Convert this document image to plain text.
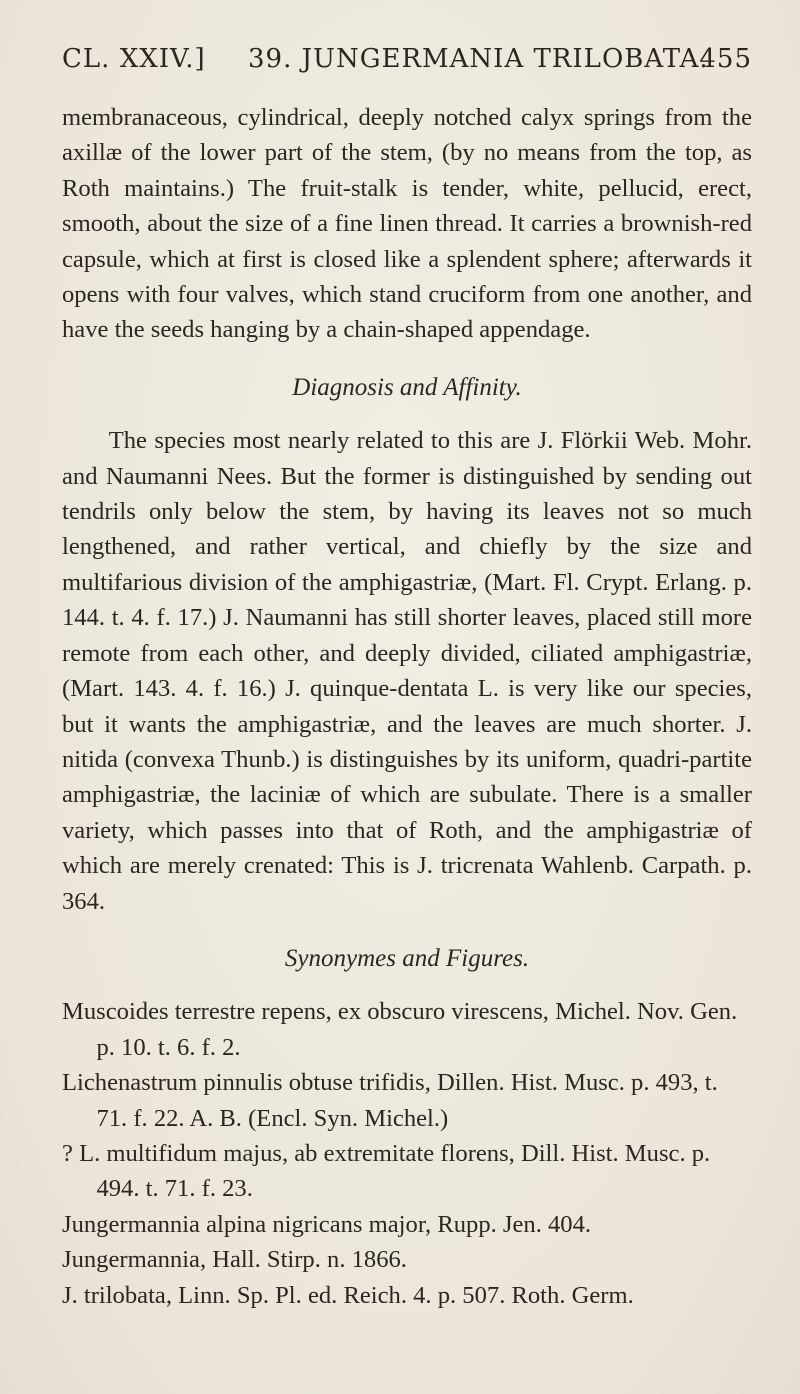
CL. XXIV.] 39. JUNGERMANIA TRILOBATA.
455

membranaceous, cylindrical, deeply notched calyx springs from the axillæ of the lower part of the stem, (by no means from the top, as Roth maintains.) The fruit-stalk is tender, white, pellucid, erect, smooth, about the size of a fine linen thread. It carries a brownish-red capsule, which at first is closed like a splendent sphere; afterwards it opens with four valves, which stand cruciform from one another, and have the seeds hanging by a chain-shaped appendage.

Diagnosis and Affinity.

The species most nearly related to this are J. Flörkii Web. Mohr. and Naumanni Nees. But the former is distinguished by sending out tendrils only below the stem, by having its leaves not so much lengthened, and rather vertical, and chiefly by the size and multifarious division of the amphigastriæ, (Mart. Fl. Crypt. Erlang. p. 144. t. 4. f. 17.) J. Naumanni has still shorter leaves, placed still more remote from each other, and deeply divided, ciliated amphigastriæ, (Mart. 143. 4. f. 16.) J. quinque-dentata L. is very like our species, but it wants the amphigastriæ, and the leaves are much shorter. J. nitida (convexa Thunb.) is distinguishes by its uniform, quadri-partite amphigastriæ, the laciniæ of which are subulate. There is a smaller variety, which passes into that of Roth, and the amphigastriæ of which are merely crenated: This is J. tricrenata Wahlenb. Carpath. p. 364.

Synonymes and Figures.

Muscoides terrestre repens, ex obscuro virescens, Michel. Nov. Gen. p. 10. t. 6. f. 2.

Lichenastrum pinnulis obtuse trifidis, Dillen. Hist. Musc. p. 493, t. 71. f. 22. A. B. (Encl. Syn. Michel.)

? L. multifidum majus, ab extremitate florens, Dill. Hist. Musc. p. 494. t. 71. f. 23.

Jungermannia alpina nigricans major, Rupp. Jen. 404.

Jungermannia, Hall. Stirp. n. 1866.

J. trilobata, Linn. Sp. Pl. ed. Reich. 4. p. 507. Roth. Germ.
